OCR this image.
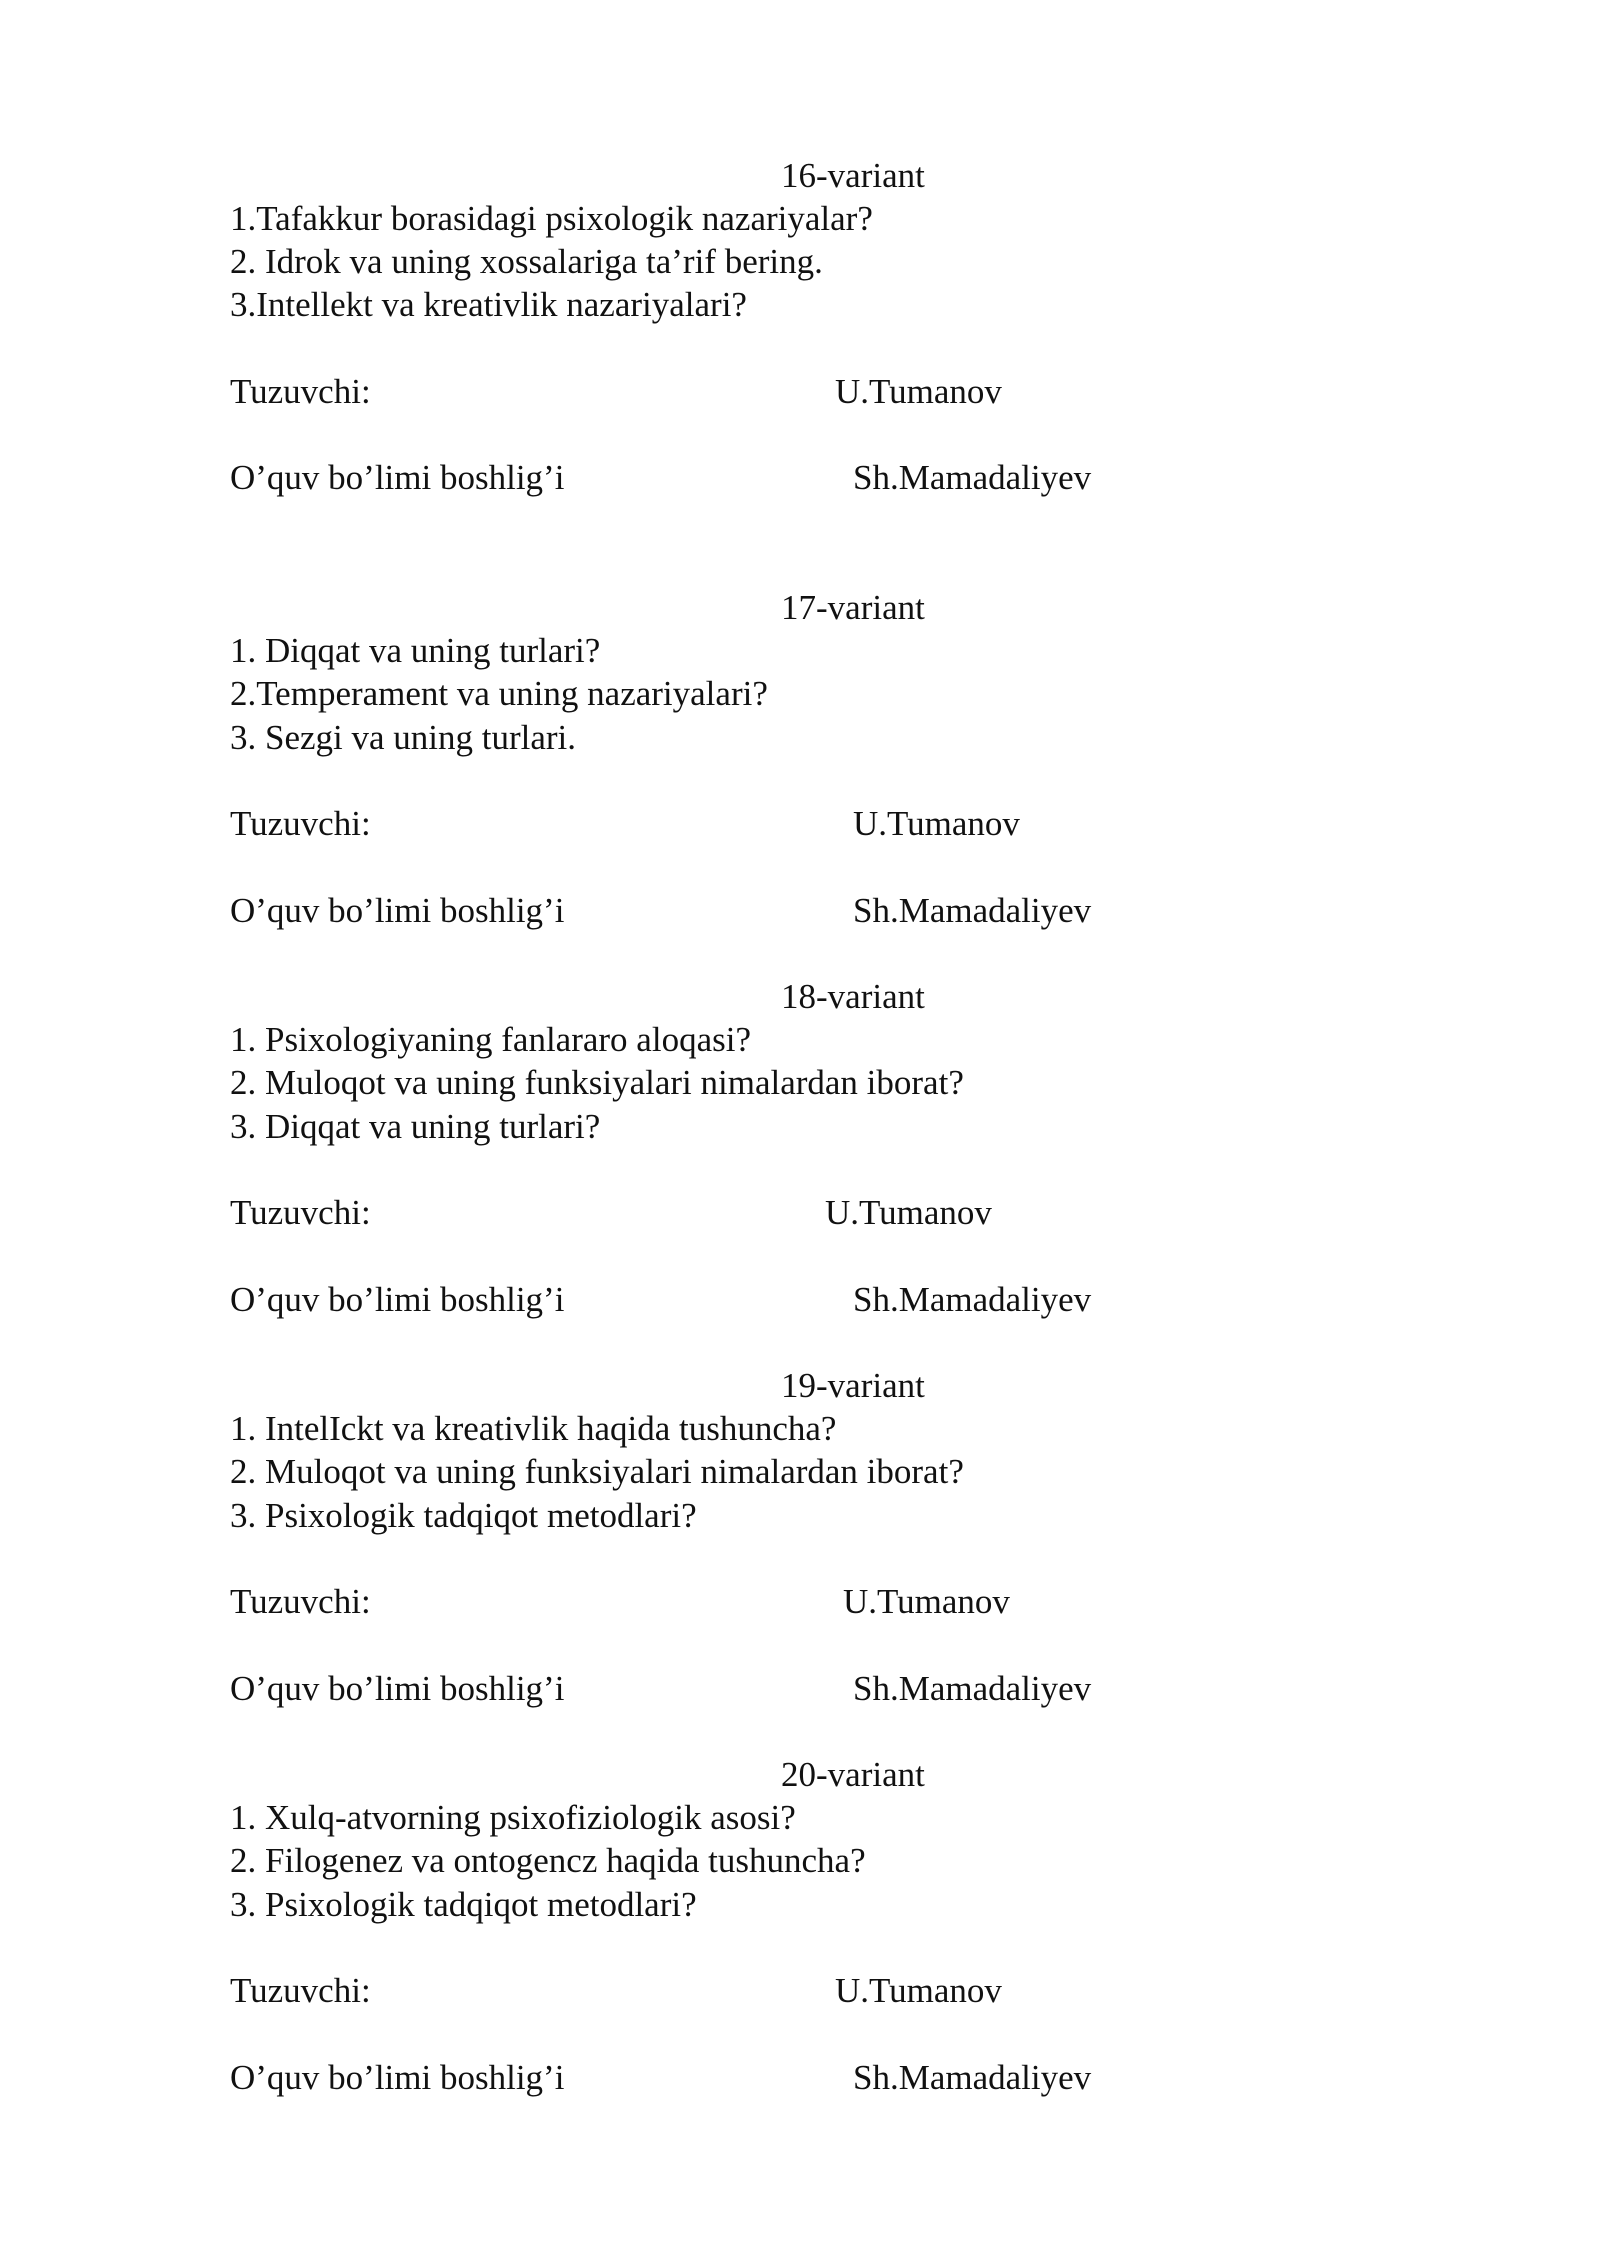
16-variant
1.Tafakkur borasidagi psixologik nazariyalar?
2. Idrok va uning xossalariga ta’rif bering.
3.Intellekt va kreativlik nazariyalari?
Tuzuvchi:	U.Tumanov
O’quv bo’limi boshlig’i	Sh.Mamadaliyev
17-variant
1. Diqqat va uning turlari?
2.Temperament va uning nazariyalari?
3. Sezgi va uning turlari.
Tuzuvchi:	U.Tumanov
O’quv bo’limi boshlig’i	Sh.Mamadaliyev
18-variant
1. Psixologiyaning fanlararo aloqasi?
2. Muloqot va uning funksiyalari nimalardan iborat?
3. Diqqat va uning turlari?
Tuzuvchi:	U.Tumanov
O’quv bo’limi boshlig’i	Sh.Mamadaliyev
19-variant
1. IntelIckt va kreativlik haqida tushuncha?
2. Muloqot va uning funksiyalari nimalardan iborat?
3. Psixologik tadqiqot metodlari?
Tuzuvchi:	U.Tumanov
O’quv bo’limi boshlig’i	Sh.Mamadaliyev
20-variant
1. Xulq-atvorning psixofiziologik asosi?
2. Filogenez va ontogencz haqida tushuncha?
3. Psixologik tadqiqot metodlari?
Tuzuvchi:	U.Tumanov
O’quv bo’limi boshlig’i	Sh.Mamadaliyev
